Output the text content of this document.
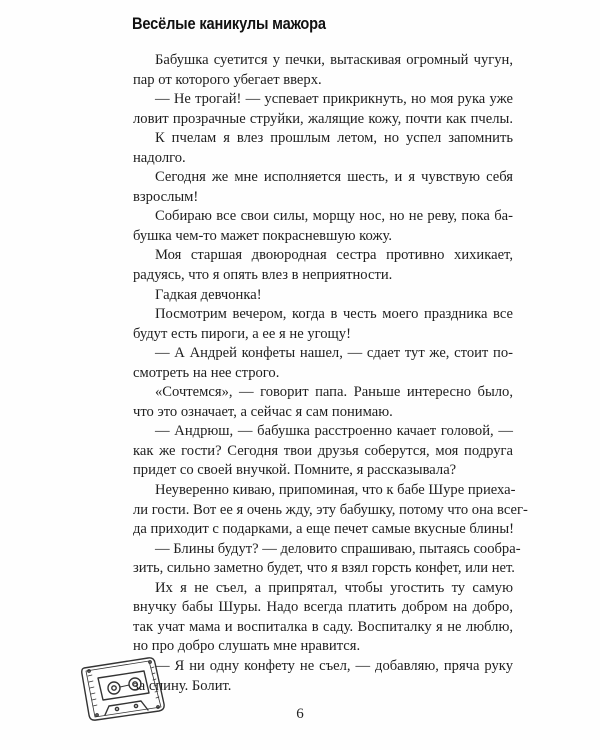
Весёлые каникулы мажора
Бабушка суетится у печки, вытаскивая огромный чугун,
пар от которого убегает вверх.
— Не трогай! — успевает прикрикнуть, но моя рука уже
ловит прозрачные струйки, жалящие кожу, почти как пчелы.
К пчелам я влез прошлым летом, но успел запомнить
надолго.
Сегодня же мне исполняется шесть, и я чувствую себя
взрослым!
Собираю все свои силы, морщу нос, но не реву, пока ба-
бушка чем-то мажет покрасневшую кожу.
Моя старшая двоюродная сестра противно хихикает,
радуясь, что я опять влез в неприятности.
Гадкая девчонка!
Посмотрим вечером, когда в честь моего праздника все
будут есть пироги, а ее я не угощу!
— А Андрей конфеты нашел, — сдает тут же, стоит по-
смотреть на нее строго.
«Сочтемся», — говорит папа. Раньше интересно было,
что это означает, а сейчас я сам понимаю.
— Андрюш, — бабушка расстроенно качает головой, —
как же гости? Сегодня твои друзья соберутся, моя подруга
придет со своей внучкой. Помните, я рассказывала?
Неуверенно киваю, припоминая, что к бабе Шуре приеха-
ли гости. Вот ее я очень жду, эту бабушку, потому что она всег-
да приходит с подарками, а еще печет самые вкусные блины!
— Блины будут? — деловито спрашиваю, пытаясь сообра-
зить, сильно заметно будет, что я взял горсть конфет, или нет.
Их я не съел, а припрятал, чтобы угостить ту самую
внучку бабы Шуры. Надо всегда платить добром на добро,
так учат мама и воспиталка в саду. Воспиталку я не люблю,
но про добро слушать мне нравится.
— Я ни одну конфету не съел, — добавляю, пряча руку
за спину. Болит.
6
